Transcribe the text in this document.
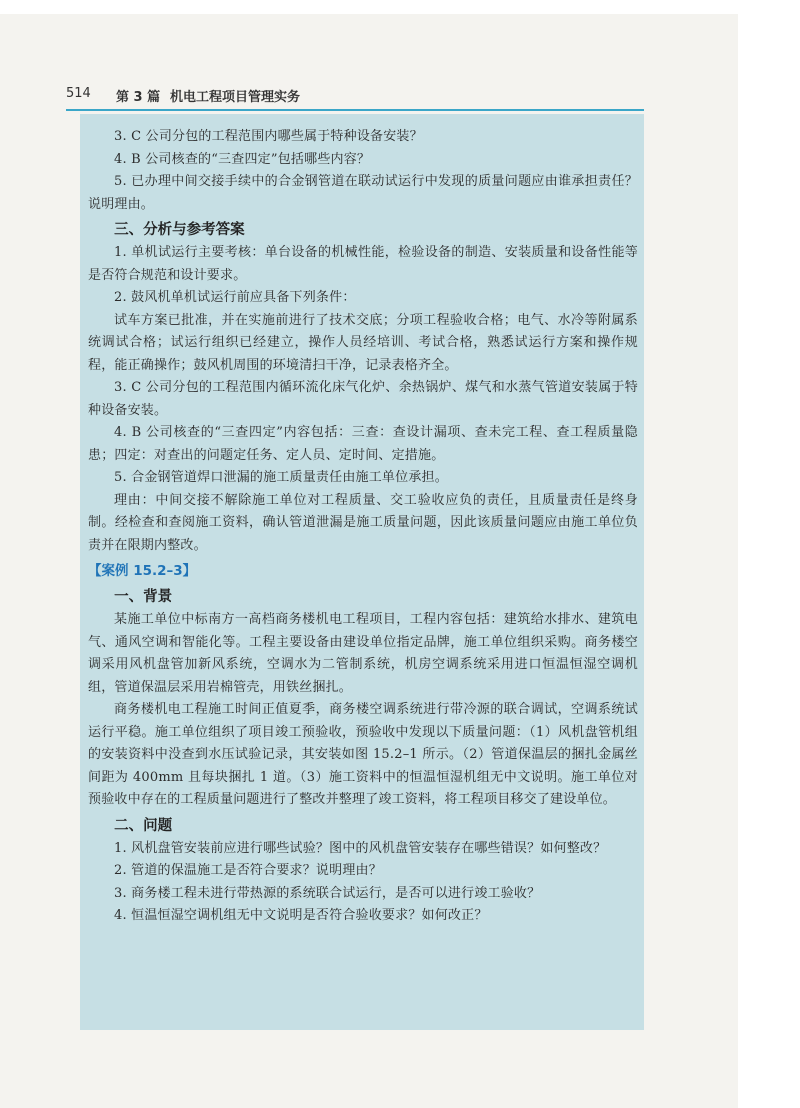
514 第 3 篇 机电工程项目管理实务

3. C 公司分包的工程范围内哪些属于特种设备安装？

4. B 公司核查的“三查四定”包括哪些内容？

5. 已办理中间交接手续中的合金钢管道在联动试运行中发现的质量问题应由谁承担责任？说明理由。

三、分析与参考答案

1. 单机试运行主要考核：单台设备的机械性能，检验设备的制造、安装质量和设备性能等是否符合规范和设计要求。

2. 鼓风机单机试运行前应具备下列条件：

试车方案已批准，并在实施前进行了技术交底；分项工程验收合格；电气、水冷等附属系统调试合格；试运行组织已经建立，操作人员经培训、考试合格，熟悉试运行方案和操作规程，能正确操作；鼓风机周围的环境清扫干净，记录表格齐全。

3. C 公司分包的工程范围内循环流化床气化炉、余热锅炉、煤气和水蒸气管道安装属于特种设备安装。

4. B 公司核查的“三查四定”内容包括：三查：查设计漏项、查未完工程、查工程质量隐患；四定：对查出的问题定任务、定人员、定时间、定措施。

5. 合金钢管道焊口泄漏的施工质量责任由施工单位承担。

理由：中间交接不解除施工单位对工程质量、交工验收应负的责任，且质量责任是终身制。经检查和查阅施工资料，确认管道泄漏是施工质量问题，因此该质量问题应由施工单位负责并在限期内整改。

【案例 15.2–3】
一、背景

某施工单位中标南方一高档商务楼机电工程项目，工程内容包括：建筑给水排水、建筑电气、通风空调和智能化等。工程主要设备由建设单位指定品牌，施工单位组织采购。商务楼空调采用风机盘管加新风系统，空调水为二管制系统，机房空调系统采用进口恒温恒湿空调机组，管道保温层采用岩棉管壳，用铁丝捆扎。

商务楼机电工程施工时间正值夏季，商务楼空调系统进行带冷源的联合调试，空调系统试运行平稳。施工单位组织了项目竣工预验收，预验收中发现以下质量问题：（1）风机盘管机组的安装资料中没查到水压试验记录，其安装如图 15.2–1 所示。（2）管道保温层的捆扎金属丝间距为 400mm 且每块捆扎 1 道。（3）施工资料中的恒温恒湿机组无中文说明。施工单位对预验收中存在的工程质量问题进行了整改并整理了竣工资料，将工程项目移交了建设单位。

二、问题

1. 风机盘管安装前应进行哪些试验？图中的风机盘管安装存在哪些错误？如何整改？

2. 管道的保温施工是否符合要求？说明理由？

3. 商务楼工程未进行带热源的系统联合试运行，是否可以进行竣工验收？

4. 恒温恒湿空调机组无中文说明是否符合验收要求？如何改正？
